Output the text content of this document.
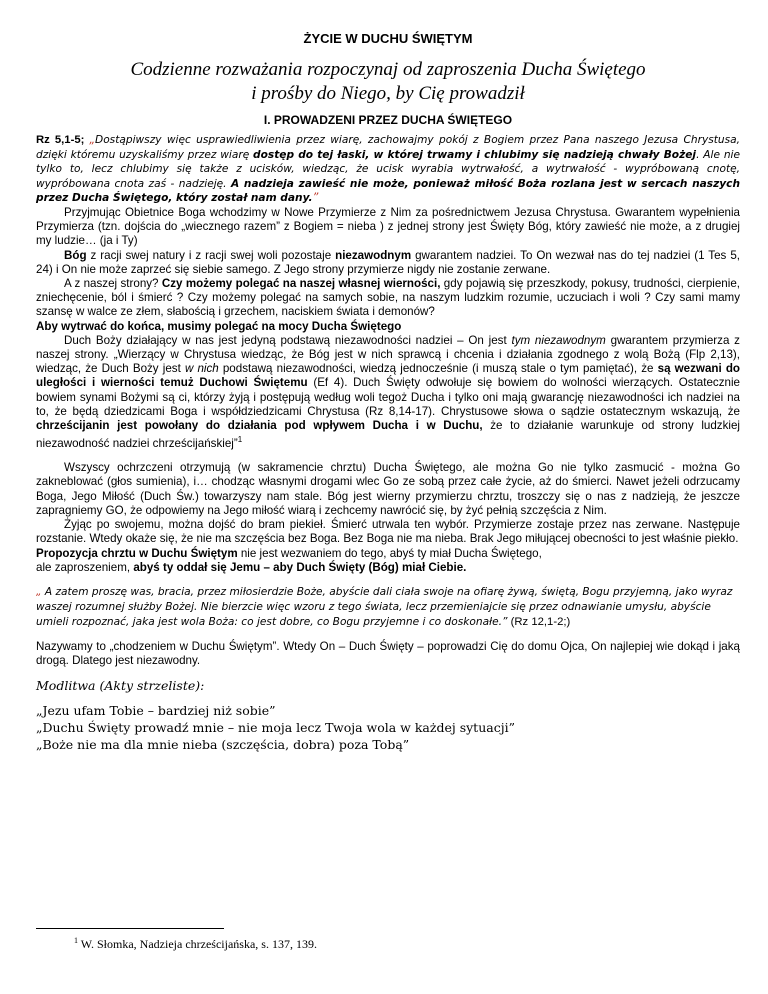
ŻYCIE W DUCHU ŚWIĘTYM
Codzienne rozważania rozpoczynaj od zaproszenia Ducha Świętego
i prośby do Niego, by Cię prowadził
I. PROWADZENI PRZEZ DUCHA ŚWIĘTEGO
Rz 5,1-5; „Dostąpiwszy więc usprawiedliwienia przez wiarę, zachowajmy pokój z Bogiem przez Pana naszego Jezusa Chrystusa, dzięki któremu uzyskaliśmy przez wiarę dostęp do tej łaski, w której trwamy i chlubimy się nadzieją chwały Bożej. Ale nie tylko to, lecz chlubimy się także z ucisków, wiedząc, że ucisk wyrabia wytrwałość, a wytrwałość - wypróbowaną cnotę, wypróbowana cnota zaś - nadzieję. A nadzieja zawieść nie może, ponieważ miłość Boża rozlana jest w sercach naszych przez Ducha Świętego, który został nam dany.”

Przyjmując Obietnice Boga wchodzimy w Nowe Przymierze z Nim za pośrednictwem Jezusa Chrystusa. Gwarantem wypełnienia Przymierza (tzn. dojścia do „wiecznego razem” z Bogiem = nieba ) z jednej strony jest Święty Bóg, który zawieść nie może, a z drugiej my ludzie… (ja i Ty)

Bóg z racji swej natury i z racji swej woli pozostaje niezawodnym gwarantem nadziei. To On wezwał nas do tej nadziei (1 Tes 5, 24) i On nie może zaprzeć się siebie samego. Z Jego strony przymierze nigdy nie zostanie zerwane.

A z naszej strony? Czy możemy polegać na naszej własnej wierności, gdy pojawią się przeszkody, pokusy, trudności, cierpienie, zniechęcenie, ból i śmierć ? Czy możemy polegać na samych sobie, na naszym ludzkim rozumie, uczuciach i woli ? Czy sami mamy szansę w walce ze złem, słabością i grzechem, naciskiem świata i demonów?

Aby wytrwać do końca, musimy polegać na mocy Ducha Świętego

Duch Boży działający w nas jest jedyną podstawą niezawodności nadziei – On jest tym niezawodnym gwarantem przymierza z naszej strony. „Wierzący w Chrystusa wiedząc, że Bóg jest w nich sprawcą i chcenia i działania zgodnego z wolą Bożą (Flp 2,13), wiedząc, że Duch Boży jest w nich podstawą niezawodności, wiedzą jednocześnie (i muszą stale o tym pamiętać), że są wezwani do uległości i wierności temuż Duchowi Świętemu (Ef 4). Duch Święty odwołuje się bowiem do wolności wierzących. Ostatecznie bowiem synami Bożymi są ci, którzy żyją i postępują według woli tegoż Ducha i tylko oni mają gwarancję niezawodności ich nadziei na to, że będą dziedzicami Boga i współdziedzicami Chrystusa (Rz 8,14-17). Chrystusowe słowa o sądzie ostatecznym wskazują, że chrześcijanin jest powołany do działania pod wpływem Ducha i w Duchu, że to działanie warunkuje od strony ludzkiej niezawodność nadziei chrześcijańskiej”$^1$

Wszyscy ochrzczeni otrzymują (w sakramencie chrztu) Ducha Świętego, ale można Go nie tylko zasmucić - można Go zakneblować (głos sumienia), i… chodząc własnymi drogami wlec Go ze sobą przez całe życie, aż do śmierci. Nawet jeżeli odrzucamy Boga, Jego Miłość (Duch Św.) towarzyszy nam stale. Bóg jest wierny przymierzu chrztu, troszczy się o nas z nadzieją, że jeszcze zapragniemy GO, że odpowiemy na Jego miłość wiarą i zechcemy nawrócić się, by żyć pełnią szczęścia z Nim.

Żyjąc po swojemu, można dojść do bram piekieł. Śmierć utrwala ten wybór. Przymierze zostaje przez nas zerwane. Następuje rozstanie. Wtedy okaże się, że nie ma szczęścia bez Boga. Bez Boga nie ma nieba. Brak Jego miłującej obecności to jest właśnie piekło.

Propozycja chrztu w Duchu Świętym nie jest wezwaniem do tego, abyś ty miał Ducha Świętego,

ale zaproszeniem, abyś ty oddał się Jemu – aby Duch Święty (Bóg) miał Ciebie.

„ A zatem proszę was, bracia, przez miłosierdzie Boże, abyście dali ciała swoje na ofiarę żywą, świętą, Bogu przyjemną, jako wyraz waszej rozumnej służby Bożej. Nie bierzcie więc wzoru z tego świata, lecz przemieniajcie się przez odnawianie umysłu, abyście umieli rozpoznać, jaka jest wola Boża: co jest dobre, co Bogu przyjemne i co doskonałe.” (Rz 12,1-2;)

Nazywamy to „chodzeniem w Duchu Świętym”. Wtedy On – Duch Święty – poprowadzi Cię do domu Ojca, On najlepiej wie dokąd i jaką drogą. Dlatego jest niezawodny.

Modlitwa (Akty strzeliste):
„Jezu ufam Tobie – bardziej niż sobie”
„Duchu Święty prowadź mnie – nie moja lecz Twoja wola w każdej sytuacji”
„Boże nie ma dla mnie nieba (szczęścia, dobra) poza Tobą”
$^1$ W. Słomka, Nadzieja chrześcijańska, s. 137, 139.
